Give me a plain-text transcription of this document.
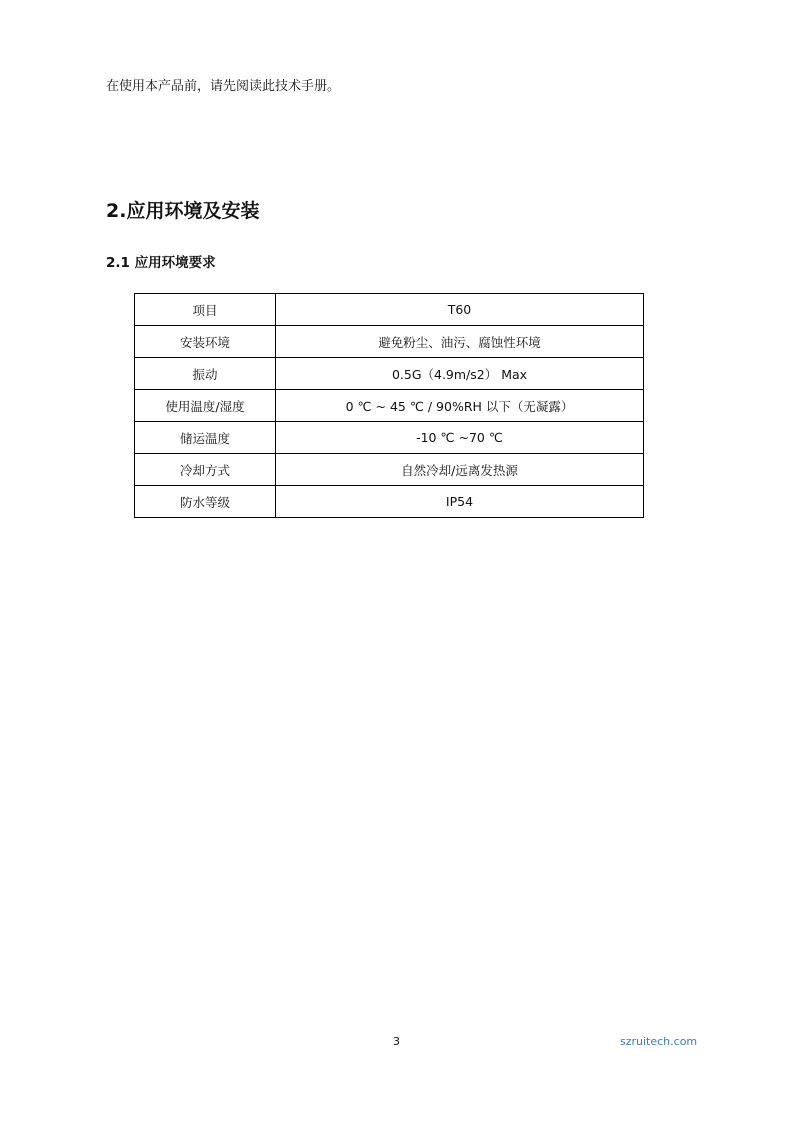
在使用本产品前，请先阅读此技术手册。
2.应用环境及安装
2.1 应用环境要求
项目	T60
安装环境	避免粉尘、油污、腐蚀性环境
振动	0.5G（4.9m/s2） Max
使用温度/湿度	0 ℃ ~ 45 ℃ / 90%RH 以下（无凝露）
储运温度	-10 ℃ ~70 ℃
冷却方式	自然冷却/远离发热源
防水等级	IP54
3	szruitech.com
